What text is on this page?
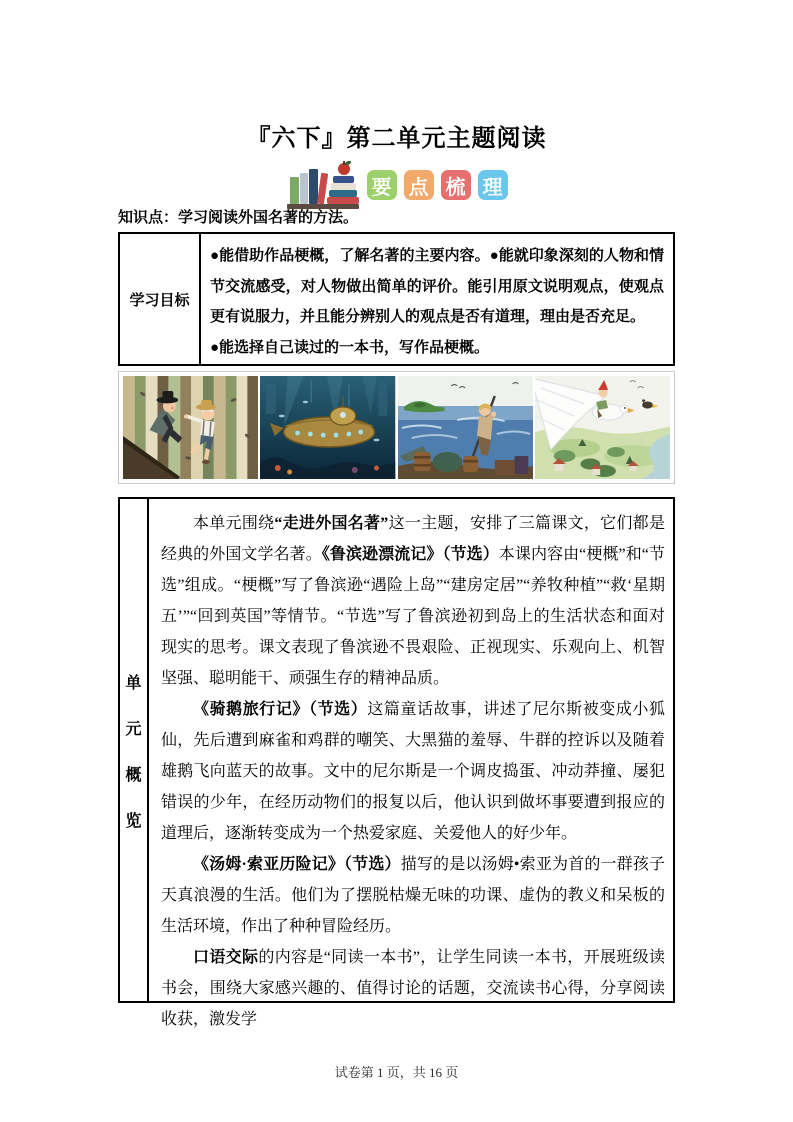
『六下』第二单元主题阅读
要 点 梳 理
知识点：学习阅读外国名著的方法。
学习目标
●能借助作品梗概，了解名著的主要内容。●能就印象深刻的人物和情节交流感受，对人物做出简单的评价。能引用原文说明观点，使观点更有说服力，并且能分辨别人的观点是否有道理，理由是否充足。
●能选择自己读过的一本书，写作品梗概。
单
元
概
览

本单元围绕“走进外国名著”这一主题，安排了三篇课文，它们都是经典的外国文学名著。《鲁滨逊漂流记》（节选）本课内容由“梗概”和“节选”组成。“梗概”写了鲁滨逊“遇险上岛”“建房定居”“养牧种植”“救‘星期五’”“回到英国”等情节。“节选”写了鲁滨逊初到岛上的生活状态和面对现实的思考。课文表现了鲁滨逊不畏艰险、正视现实、乐观向上、机智坚强、聪明能干、顽强生存的精神品质。

《骑鹅旅行记》（节选）这篇童话故事，讲述了尼尔斯被变成小狐仙，先后遭到麻雀和鸡群的嘲笑、大黑猫的羞辱、牛群的控诉以及随着雄鹅飞向蓝天的故事。文中的尼尔斯是一个调皮捣蛋、冲动莽撞、屡犯错误的少年，在经历动物们的报复以后，他认识到做坏事要遭到报应的道理后，逐渐转变成为一个热爱家庭、关爱他人的好少年。

《汤姆·索亚历险记》（节选）描写的是以汤姆•索亚为首的一群孩子天真浪漫的生活。他们为了摆脱枯燥无味的功课、虚伪的教义和呆板的生活环境，作出了种种冒险经历。

口语交际的内容是“同读一本书”，让学生同读一本书，开展班级读书会，围绕大家感兴趣的、值得讨论的话题，交流读书心得，分享阅读收获，激发学

试卷第 1 页，共 16 页
